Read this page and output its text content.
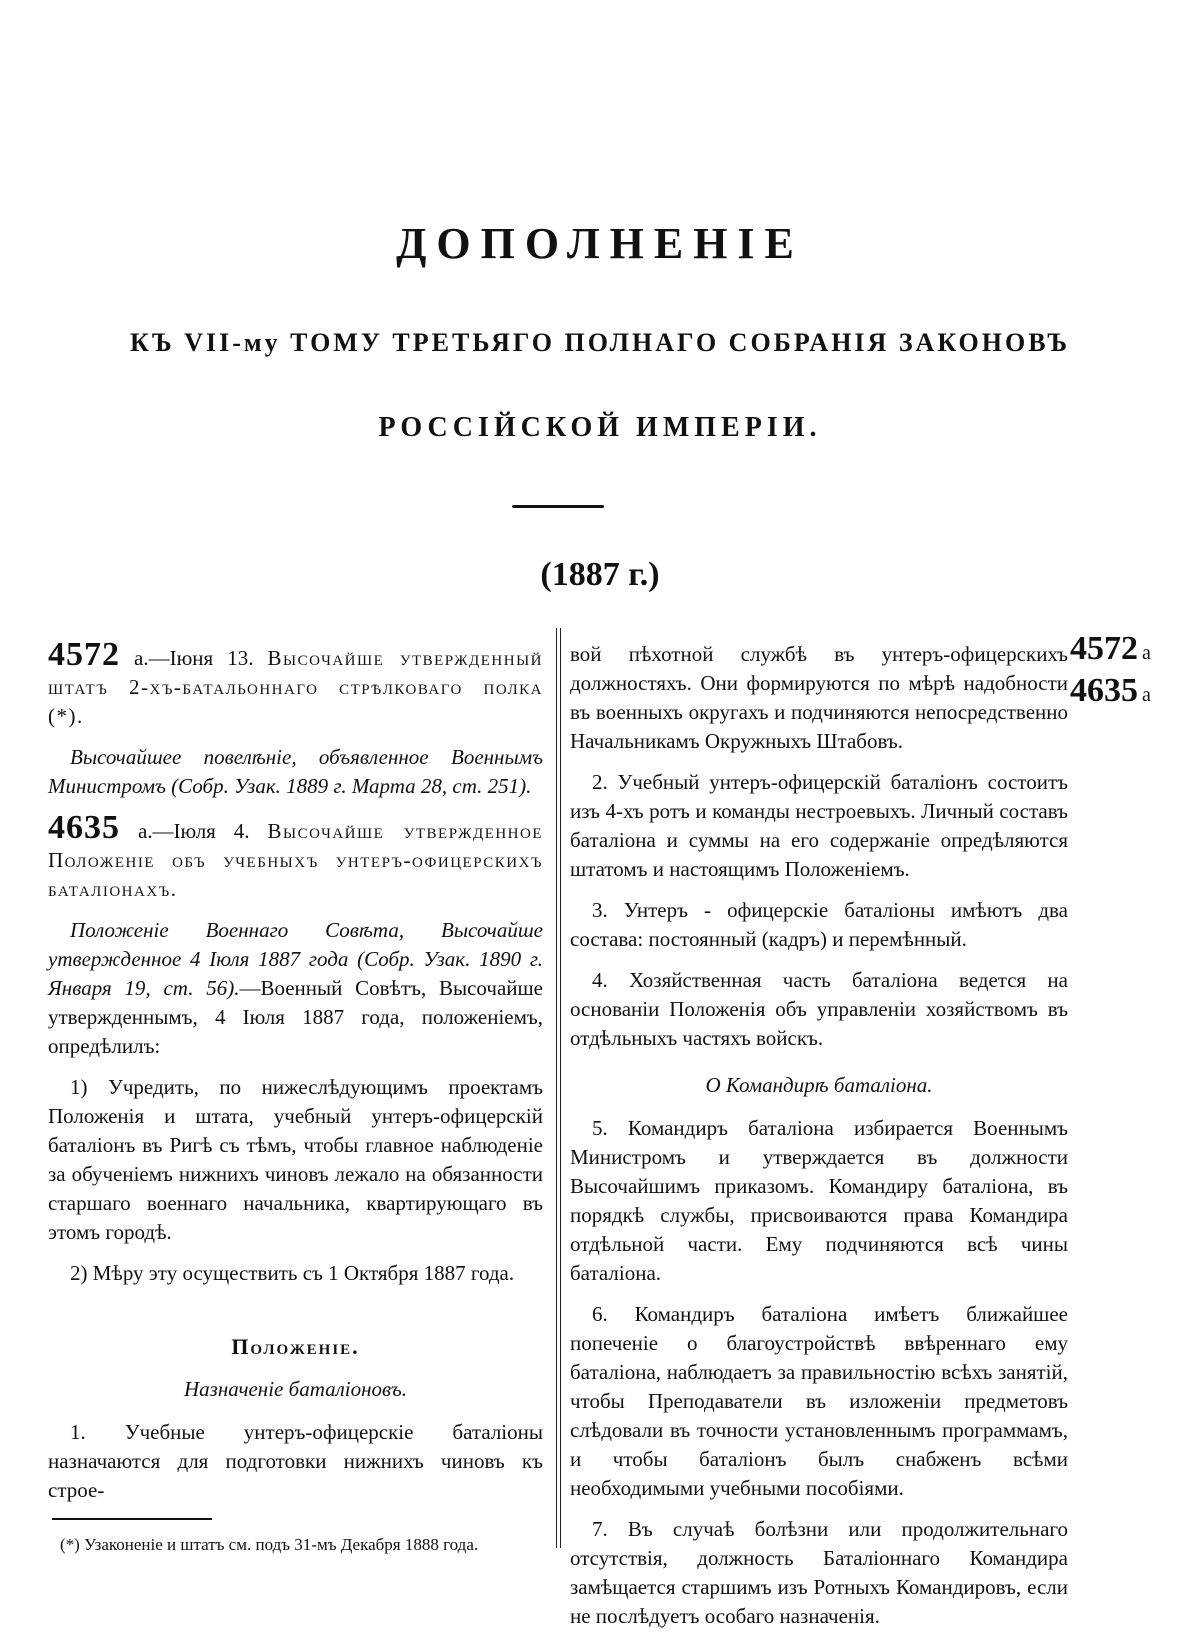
ДОПОЛНЕНІЕ
КЪ VII-му ТОМУ ТРЕТЬЯГО ПОЛНАГО СОБРАНІЯ ЗАКОНОВЪ
РОССІЙСКОЙ ИМПЕРІИ.
(1887 г.)

4572 а.—Іюня 13. Высочайше утвержденный штатъ 2-хъ-батальоннаго стрѣлковаго полка (*).

Высочайшее повелѣніе, объявленное Военнымъ Министромъ (Собр. Узак. 1889 г. Марта 28, ст. 251).

4635 а.—Іюля 4. Высочайше утвержденное Положеніе объ учебныхъ унтеръ-офицерскихъ баталіонахъ.

Положеніе Военнаго Совѣта, Высочайше утвержденное 4 Іюля 1887 года (Собр. Узак. 1890 г. Января 19, ст. 56).—Военный Совѣтъ, Высочайше утвержденнымъ, 4 Іюля 1887 года, положеніемъ, опредѣлилъ:

1) Учредить, по нижеслѣдующимъ проектамъ Положенія и штата, учебный унтеръ-офицерскій баталіонъ въ Ригѣ съ тѣмъ, чтобы главное наблюденіе за обученіемъ нижнихъ чиновъ лежало на обязанности старшаго военнаго начальника, квартирующаго въ этомъ городѣ.

2) Мѣру эту осуществить съ 1 Октября 1887 года.

Положеніе.

Назначеніе баталіоновъ.

1. Учебные унтеръ-офицерскіе баталіоны назначаются для подготовки нижнихъ чиновъ къ строе-

вой пѣхотной службѣ въ унтеръ-офицерскихъ должностяхъ. Они формируются по мѣрѣ надобности въ военныхъ округахъ и подчиняются непосредственно Начальникамъ Окружныхъ Штабовъ.

2. Учебный унтеръ-офицерскій баталіонъ состоитъ изъ 4-хъ ротъ и команды нестроевыхъ. Личный составъ баталіона и суммы на его содержаніе опредѣляются штатомъ и настоящимъ Положеніемъ.

3. Унтеръ - офицерскіе баталіоны имѣютъ два состава: постоянный (кадръ) и перемѣнный.

4. Хозяйственная часть баталіона ведется на основаніи Положенія объ управленіи хозяйствомъ въ отдѣльныхъ частяхъ войскъ.

О Командирѣ баталіона.

5. Командиръ баталіона избирается Военнымъ Министромъ и утверждается въ должности Высочайшимъ приказомъ. Командиру баталіона, въ порядкѣ службы, присвоиваются права Командира отдѣльной части. Ему подчиняются всѣ чины баталіона.

6. Командиръ баталіона имѣетъ ближайшее попеченіе о благоустройствѣ ввѣреннаго ему баталіона, наблюдаетъ за правильностію всѣхъ занятій, чтобы Преподаватели въ изложеніи предметовъ слѣдовали въ точности установленнымъ программамъ, и чтобы баталіонъ былъ снабженъ всѣми необходимыми учебными пособіями.

7. Въ случаѣ болѣзни или продолжительнаго отсутствія, должность Баталіоннаго Командира замѣщается старшимъ изъ Ротныхъ Командировъ, если не послѣдуетъ особаго назначенія.

4572 а
4635 а
(*) Узаконеніе и штатъ см. подъ 31-мъ Декабря 1888 года.
